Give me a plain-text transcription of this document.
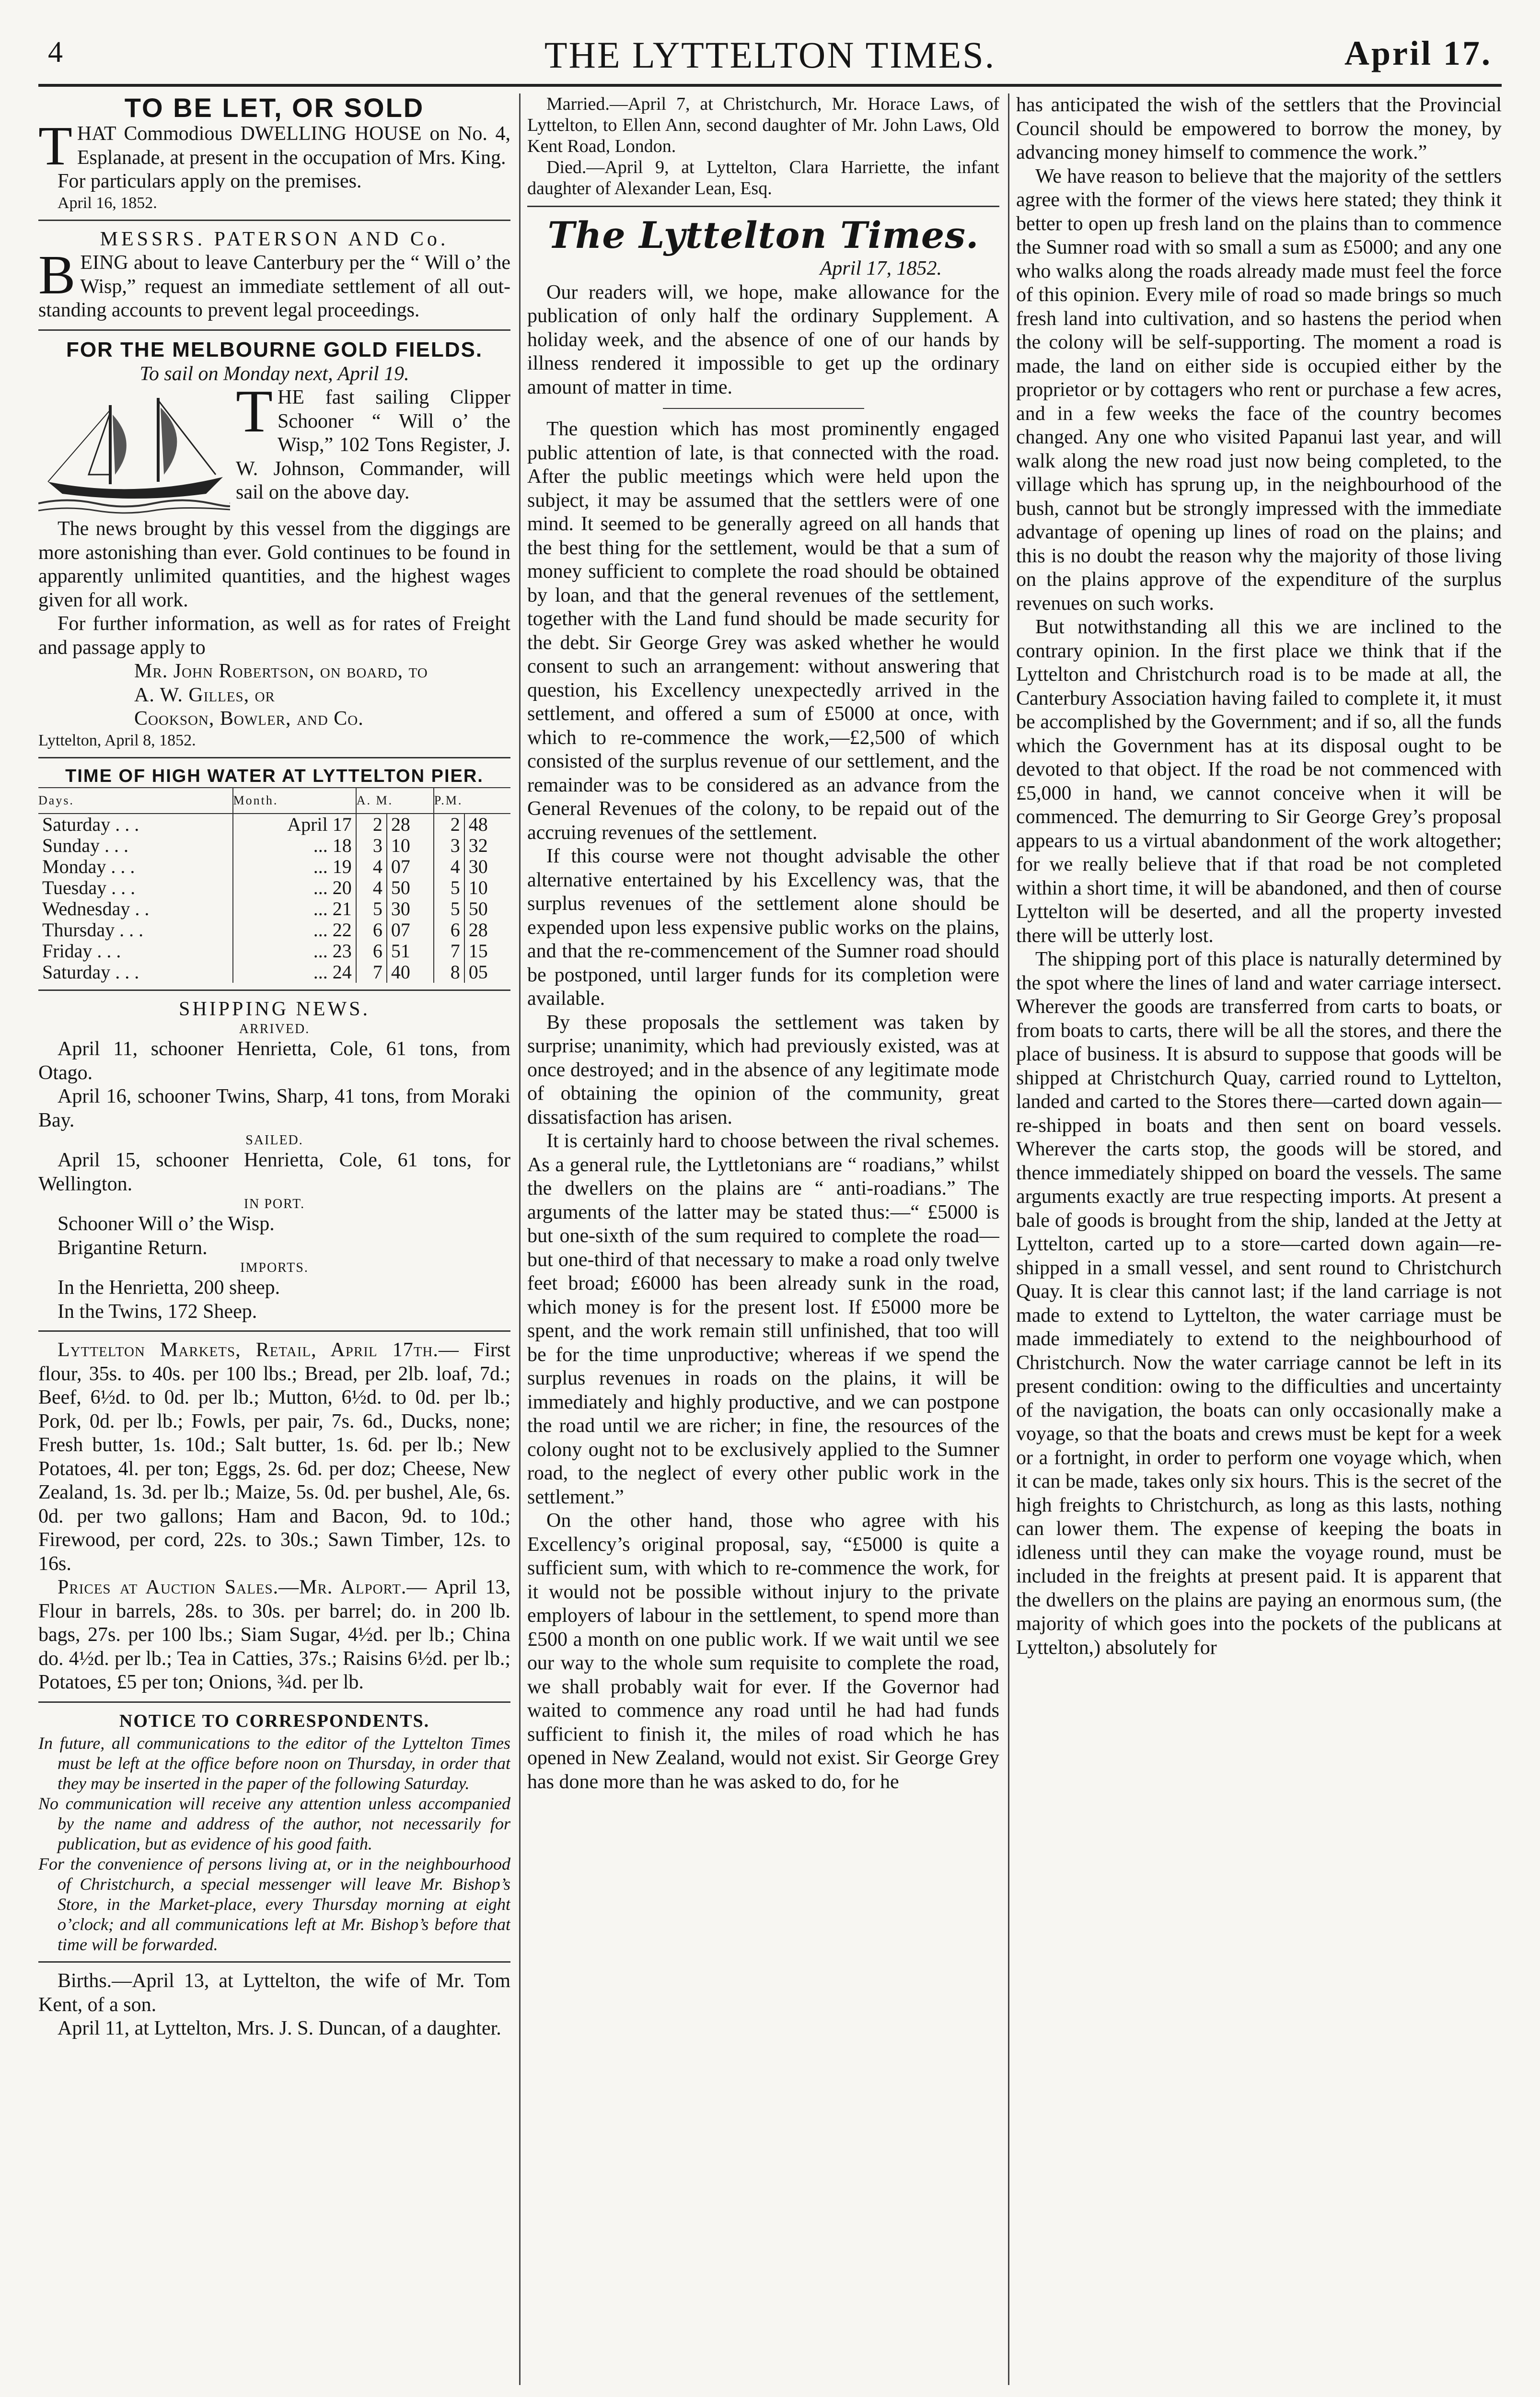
4	THE LYTTELTON TIMES.	April 17.
TO BE LET, OR SOLD
T HAT Commodious DWELLING HOUSE on No. 4, Esplanade, at present in the occupation of Mrs. King.
For particulars apply on the premises.
April 16, 1852.
MESSRS. PATERSON AND Co.
B EING about to leave Canterbury per the “ Will o’ the Wisp,” request an immediate settlement of all out-standing accounts to prevent legal proceedings.
FOR THE MELBOURNE GOLD FIELDS.
To sail on Monday next, April 19.
T HE fast sailing Clipper Schooner “ Will o’ the Wisp,” 102 Tons Register, J. W. Johnson, Commander, will sail on the above day.
The news brought by this vessel from the diggings are more astonishing than ever. Gold continues to be found in apparently unlimited quantities, and the highest wages given for all work.
For further information, as well as for rates of Freight and passage apply to
Mr. John Robertson, on board, to
A. W. Gilles, or
Cookson, Bowler, and Co.
Lyttelton, April 8, 1852.
TIME OF HIGH WATER AT LYTTELTON PIER.
Days.	Month.	A. M.		P.M.	
Saturday . . .	April 17	2	28	2	48
Sunday . . .	... 18	3	10	3	32
Monday . . .	... 19	4	07	4	30
Tuesday . . .	... 20	4	50	5	10
Wednesday . .	... 21	5	30	5	50
Thursday . . .	... 22	6	07	6	28
Friday . . .	... 23	6	51	7	15
Saturday . . .	... 24	7	40	8	05
SHIPPING NEWS.
ARRIVED.
April 11, schooner Henrietta, Cole, 61 tons, from Otago.
April 16, schooner Twins, Sharp, 41 tons, from Moraki Bay.
SAILED.
April 15, schooner Henrietta, Cole, 61 tons, for Wellington.
IN PORT.
Schooner Will o’ the Wisp.
Brigantine Return.
IMPORTS.
In the Henrietta, 200 sheep.
In the Twins, 172 Sheep.
Lyttelton Markets, Retail, April 17th.— First flour, 35s. to 40s. per 100 lbs.; Bread, per 2lb. loaf, 7d.; Beef, 6½d. to 0d. per lb.; Mutton, 6½d. to 0d. per lb.; Pork, 0d. per lb.; Fowls, per pair, 7s. 6d., Ducks, none; Fresh butter, 1s. 10d.; Salt butter, 1s. 6d. per lb.; New Potatoes, 4l. per ton; Eggs, 2s. 6d. per doz; Cheese, New Zealand, 1s. 3d. per lb.; Maize, 5s. 0d. per bushel, Ale, 6s. 0d. per two gallons; Ham and Bacon, 9d. to 10d.; Firewood, per cord, 22s. to 30s.; Sawn Timber, 12s. to 16s.
Prices at Auction Sales.—Mr. Alport.— April 13, Flour in barrels, 28s. to 30s. per barrel; do. in 200 lb. bags, 27s. per 100 lbs.; Siam Sugar, 4½d. per lb.; China do. 4½d. per lb.; Tea in Catties, 37s.; Raisins 6½d. per lb.; Potatoes, £5 per ton; Onions, ¾d. per lb.
NOTICE TO CORRESPONDENTS.
In future, all communications to the editor of the Lyttelton Times must be left at the office before noon on Thursday, in order that they may be inserted in the paper of the following Saturday.
No communication will receive any attention unless accompanied by the name and address of the author, not necessarily for publication, but as evidence of his good faith.
For the convenience of persons living at, or in the neighbourhood of Christchurch, a special messenger will leave Mr. Bishop’s Store, in the Market-place, every Thursday morning at eight o’clock; and all communications left at Mr. Bishop’s before that time will be forwarded.
Births.—April 13, at Lyttelton, the wife of Mr. Tom Kent, of a son.
April 11, at Lyttelton, Mrs. J. S. Duncan, of a daughter.
Married.—April 7, at Christchurch, Mr. Horace Laws, of Lyttelton, to Ellen Ann, second daughter of Mr. John Laws, Old Kent Road, London.
Died.—April 9, at Lyttelton, Clara Harriette, the infant daughter of Alexander Lean, Esq.
The Lyttelton Times.
April 17, 1852.
Our readers will, we hope, make allowance for the publication of only half the ordinary Supplement. A holiday week, and the absence of one of our hands by illness rendered it impossible to get up the ordinary amount of matter in time.
The question which has most prominently engaged public attention of late, is that connected with the road. After the public meetings which were held upon the subject, it may be assumed that the settlers were of one mind. It seemed to be generally agreed on all hands that the best thing for the settlement, would be that a sum of money sufficient to complete the road should be obtained by loan, and that the general revenues of the settlement, together with the Land fund should be made security for the debt. Sir George Grey was asked whether he would consent to such an arrangement: without answering that question, his Excellency unexpectedly arrived in the settlement, and offered a sum of £5000 at once, with which to re-commence the work,—£2,500 of which consisted of the surplus revenue of our settlement, and the remainder was to be considered as an advance from the General Revenues of the colony, to be repaid out of the accruing revenues of the settlement.
If this course were not thought advisable the other alternative entertained by his Excellency was, that the surplus revenues of the settlement alone should be expended upon less expensive public works on the plains, and that the re-commencement of the Sumner road should be postponed, until larger funds for its completion were available.
By these proposals the settlement was taken by surprise; unanimity, which had previously existed, was at once destroyed; and in the absence of any legitimate mode of obtaining the opinion of the community, great dissatisfaction has arisen.
It is certainly hard to choose between the rival schemes. As a general rule, the Lyttletonians are “ roadians,” whilst the dwellers on the plains are “ anti-roadians.” The arguments of the latter may be stated thus:—“ £5000 is but one-sixth of the sum required to complete the road—but one-third of that necessary to make a road only twelve feet broad; £6000 has been already sunk in the road, which money is for the present lost. If £5000 more be spent, and the work remain still unfinished, that too will be for the time unproductive; whereas if we spend the surplus revenues in roads on the plains, it will be immediately and highly productive, and we can postpone the road until we are richer; in fine, the resources of the colony ought not to be exclusively applied to the Sumner road, to the neglect of every other public work in the settlement.”
On the other hand, those who agree with his Excellency’s original proposal, say, “£5000 is quite a sufficient sum, with which to re-commence the work, for it would not be possible without injury to the private employers of labour in the settlement, to spend more than £500 a month on one public work. If we wait until we see our way to the whole sum requisite to complete the road, we shall probably wait for ever. If the Governor had waited to commence any road until he had had funds sufficient to finish it, the miles of road which he has opened in New Zealand, would not exist. Sir George Grey has done more than he was asked to do, for he
has anticipated the wish of the settlers that the Provincial Council should be empowered to borrow the money, by advancing money himself to commence the work.”
We have reason to believe that the majority of the settlers agree with the former of the views here stated; they think it better to open up fresh land on the plains than to commence the Sumner road with so small a sum as £5000; and any one who walks along the roads already made must feel the force of this opinion. Every mile of road so made brings so much fresh land into cultivation, and so hastens the period when the colony will be self-supporting. The moment a road is made, the land on either side is occupied either by the proprietor or by cottagers who rent or purchase a few acres, and in a few weeks the face of the country becomes changed. Any one who visited Papanui last year, and will walk along the new road just now being completed, to the village which has sprung up, in the neighbourhood of the bush, cannot but be strongly impressed with the immediate advantage of opening up lines of road on the plains; and this is no doubt the reason why the majority of those living on the plains approve of the expenditure of the surplus revenues on such works.
But notwithstanding all this we are inclined to the contrary opinion. In the first place we think that if the Lyttelton and Christchurch road is to be made at all, the Canterbury Association having failed to complete it, it must be accomplished by the Government; and if so, all the funds which the Government has at its disposal ought to be devoted to that object. If the road be not commenced with £5,000 in hand, we cannot conceive when it will be commenced. The demurring to Sir George Grey’s proposal appears to us a virtual abandonment of the work altogether; for we really believe that if that road be not completed within a short time, it will be abandoned, and then of course Lyttelton will be deserted, and all the property invested there will be utterly lost.
The shipping port of this place is naturally determined by the spot where the lines of land and water carriage intersect. Wherever the goods are transferred from carts to boats, or from boats to carts, there will be all the stores, and there the place of business. It is absurd to suppose that goods will be shipped at Christchurch Quay, carried round to Lyttelton, landed and carted to the Stores there—carted down again—re-shipped in boats and then sent on board vessels. Wherever the carts stop, the goods will be stored, and thence immediately shipped on board the vessels. The same arguments exactly are true respecting imports. At present a bale of goods is brought from the ship, landed at the Jetty at Lyttelton, carted up to a store—carted down again—re-shipped in a small vessel, and sent round to Christchurch Quay. It is clear this cannot last; if the land carriage is not made to extend to Lyttelton, the water carriage must be made immediately to extend to the neighbourhood of Christchurch. Now the water carriage cannot be left in its present condition: owing to the difficulties and uncertainty of the navigation, the boats can only occasionally make a voyage, so that the boats and crews must be kept for a week or a fortnight, in order to perform one voyage which, when it can be made, takes only six hours. This is the secret of the high freights to Christchurch, as long as this lasts, nothing can lower them. The expense of keeping the boats in idleness until they can make the voyage round, must be included in the freights at present paid. It is apparent that the dwellers on the plains are paying an enormous sum, (the majority of which goes into the pockets of the publicans at Lyttelton,) absolutely for
